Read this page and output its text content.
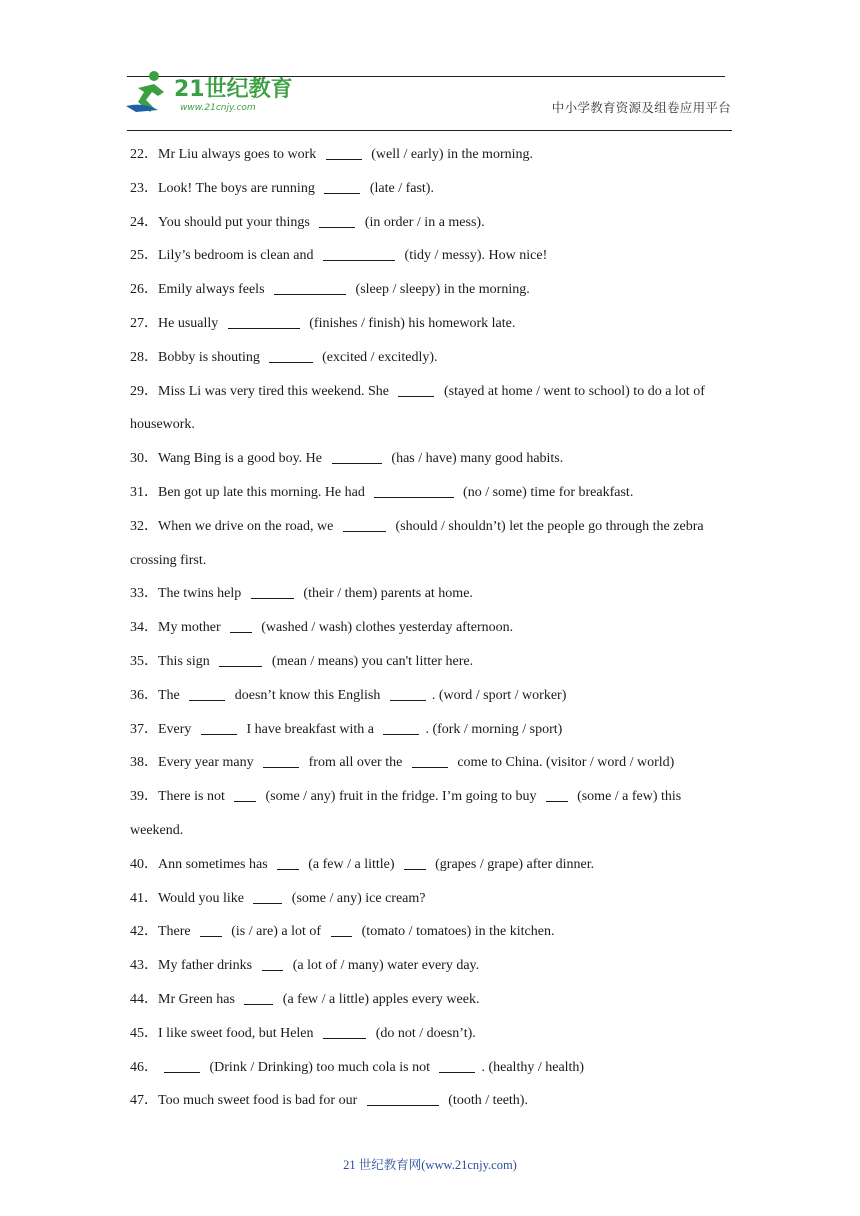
21世纪教育
www.21cnjy.com	中小学教育资源及组卷应用平台

22．Mr Liu always goes to work	(well / early) in the morning.

23．Look! The boys are running	(late / fast).

24．You should put your things	(in order / in a mess).

25．Lily’s bedroom is clean and	(tidy / messy). How nice!

26．Emily always feels	(sleep / sleepy) in the morning.

27．He usually	(finishes / finish) his homework late.

28．Bobby is shouting	(excited / excitedly).

29．Miss Li was very tired this weekend. She	(stayed at home / went to school) to do a lot of housework.

30．Wang Bing is a good boy. He	(has / have) many good habits.

31．Ben got up late this morning. He had	(no / some) time for breakfast.

32．When we drive on the road, we	(should / shouldn’t) let the people go through the zebra crossing first.

33．The twins help	(their / them) parents at home.

34．My mother  (washed / wash) clothes yesterday afternoon.

35．This sign	(mean / means) you can't litter here.

36．The	doesn’t know this English	. (word / sport / worker)

37．Every	I have breakfast with a	. (fork / morning / sport)

38．Every year many	from all over the	come to China. (visitor / word / world)

39．There is not  (some / any) fruit in the fridge. I’m going to buy  (some / a few) this weekend.

40．Ann sometimes has  (a few / a little)  (grapes / grape) after dinner.

41．Would you like	(some / any) ice cream?

42．There  (is / are) a lot of  (tomato / tomatoes) in the kitchen.

43．My father drinks  (a lot of / many) water every day.

44．Mr Green has	(a few / a little) apples every week.

45．I like sweet food, but Helen	(do not / doesn’t).

46．	(Drink / Drinking) too much cola is not	. (healthy / health)

47．Too much sweet food is bad for our	(tooth / teeth).

21 世纪教育网(www.21cnjy.com)
